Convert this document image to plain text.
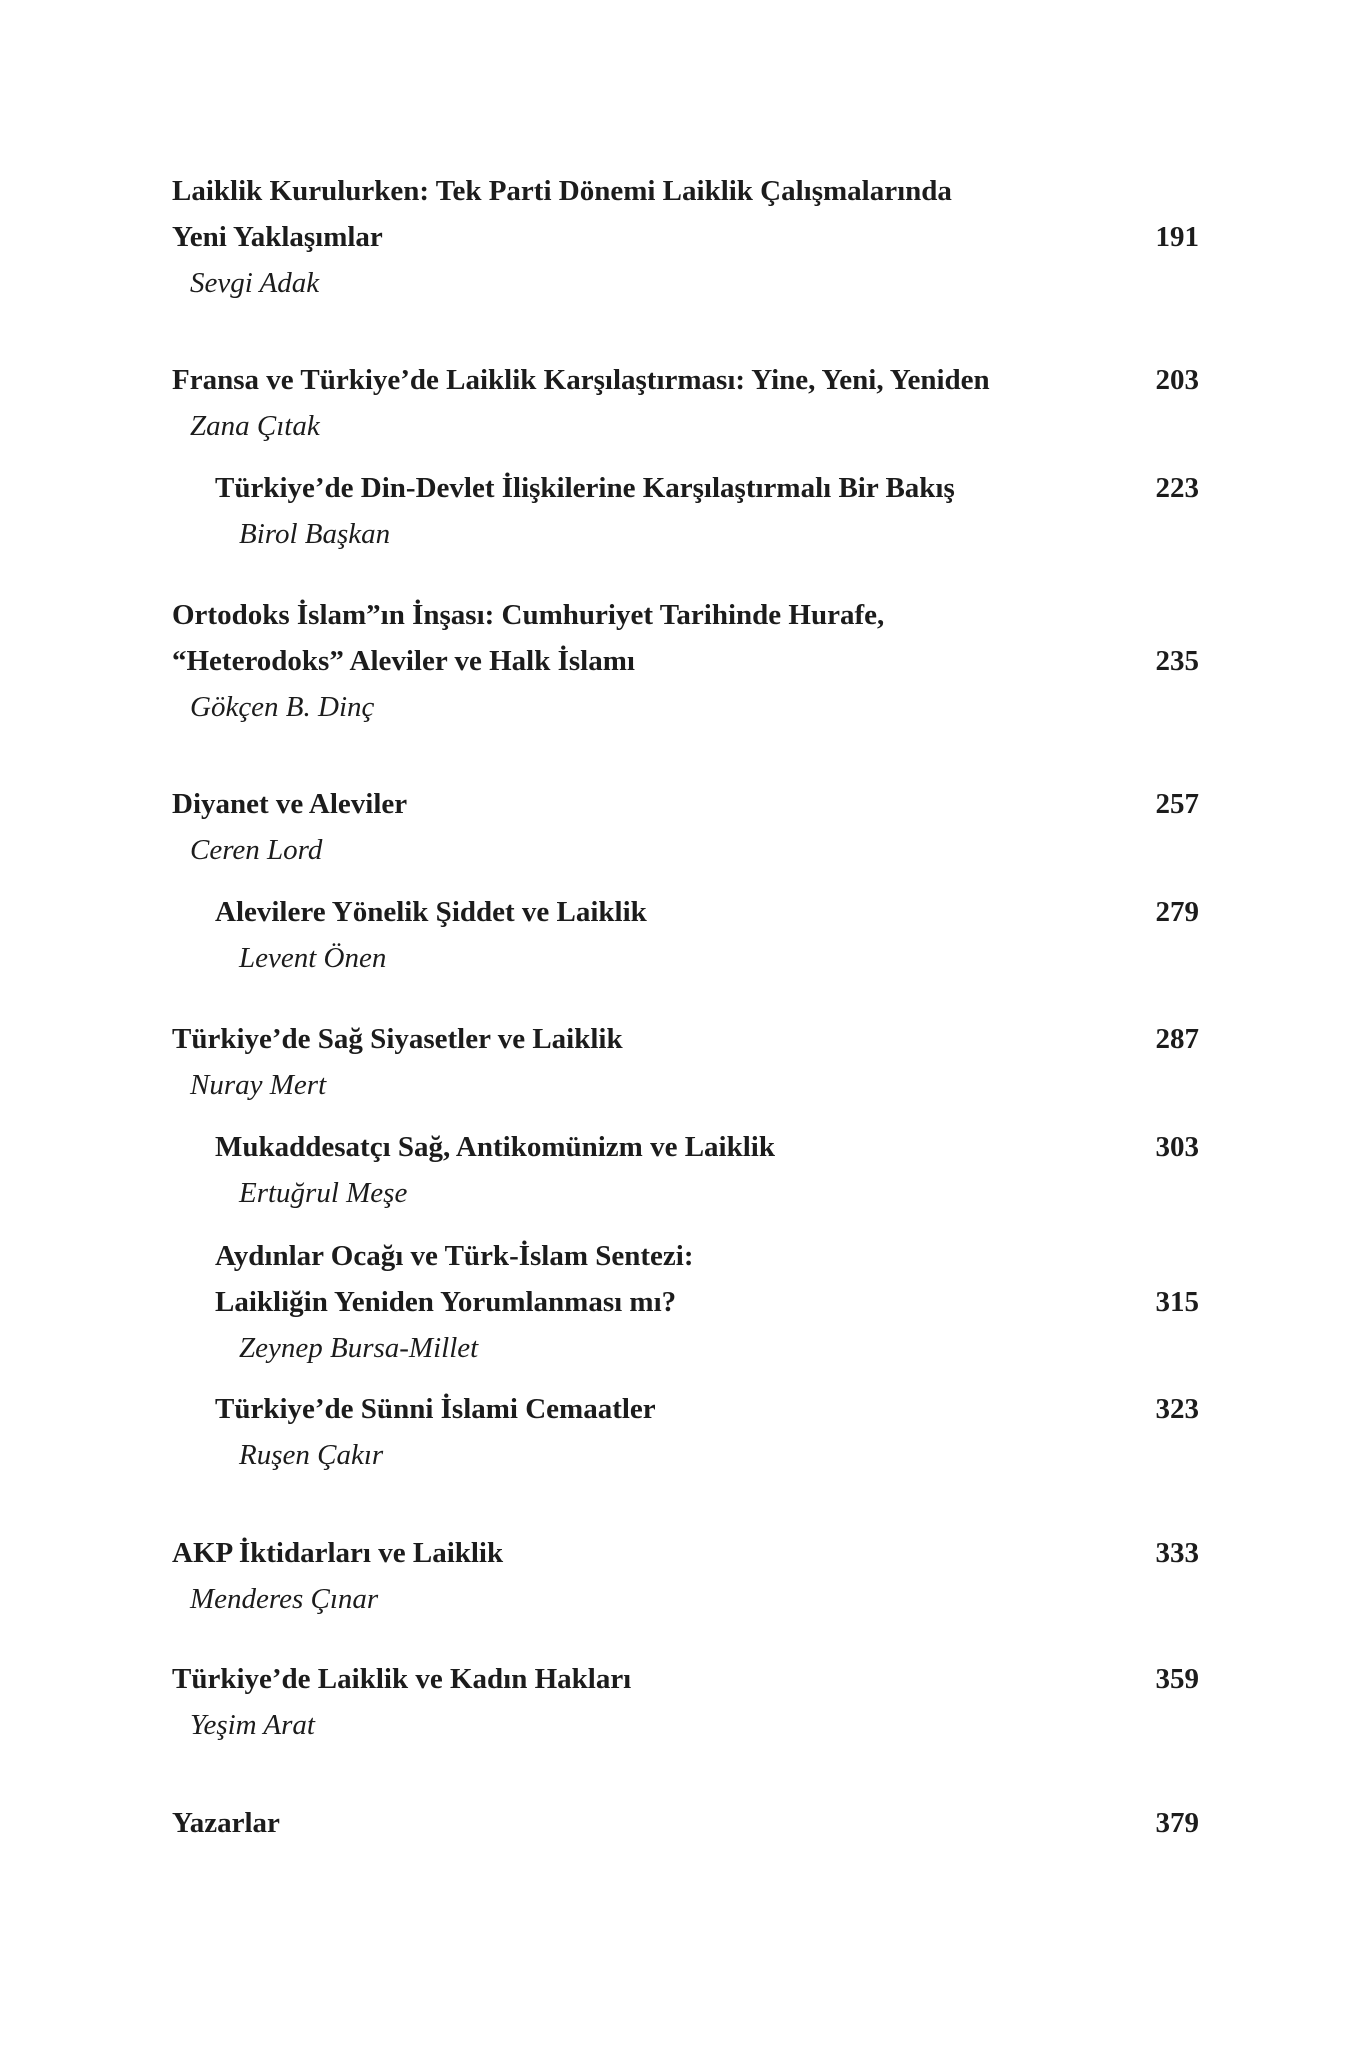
Laiklik Kurulurken: Tek Parti Dönemi Laiklik Çalışmalarında
Yeni Yaklaşımlar	191
Sevgi Adak
Fransa ve Türkiye’de Laiklik Karşılaştırması: Yine, Yeni, Yeniden	203
Zana Çıtak
Türkiye’de Din-Devlet İlişkilerine Karşılaştırmalı Bir Bakış	223
Birol Başkan
Ortodoks İslam”ın İnşası: Cumhuriyet Tarihinde Hurafe,
“Heterodoks” Aleviler ve Halk İslamı	235
Gökçen B. Dinç
Diyanet ve Aleviler	257
Ceren Lord
Alevilere Yönelik Şiddet ve Laiklik	279
Levent Önen
Türkiye’de Sağ Siyasetler ve Laiklik	287
Nuray Mert
Mukaddesatçı Sağ, Antikomünizm ve Laiklik	303
Ertuğrul Meşe
Aydınlar Ocağı ve Türk-İslam Sentezi:
Laikliğin Yeniden Yorumlanması mı?	315
Zeynep Bursa-Millet
Türkiye’de Sünni İslami Cemaatler	323
Ruşen Çakır
AKP İktidarları ve Laiklik	333
Menderes Çınar
Türkiye’de Laiklik ve Kadın Hakları	359
Yeşim Arat
Yazarlar	379
